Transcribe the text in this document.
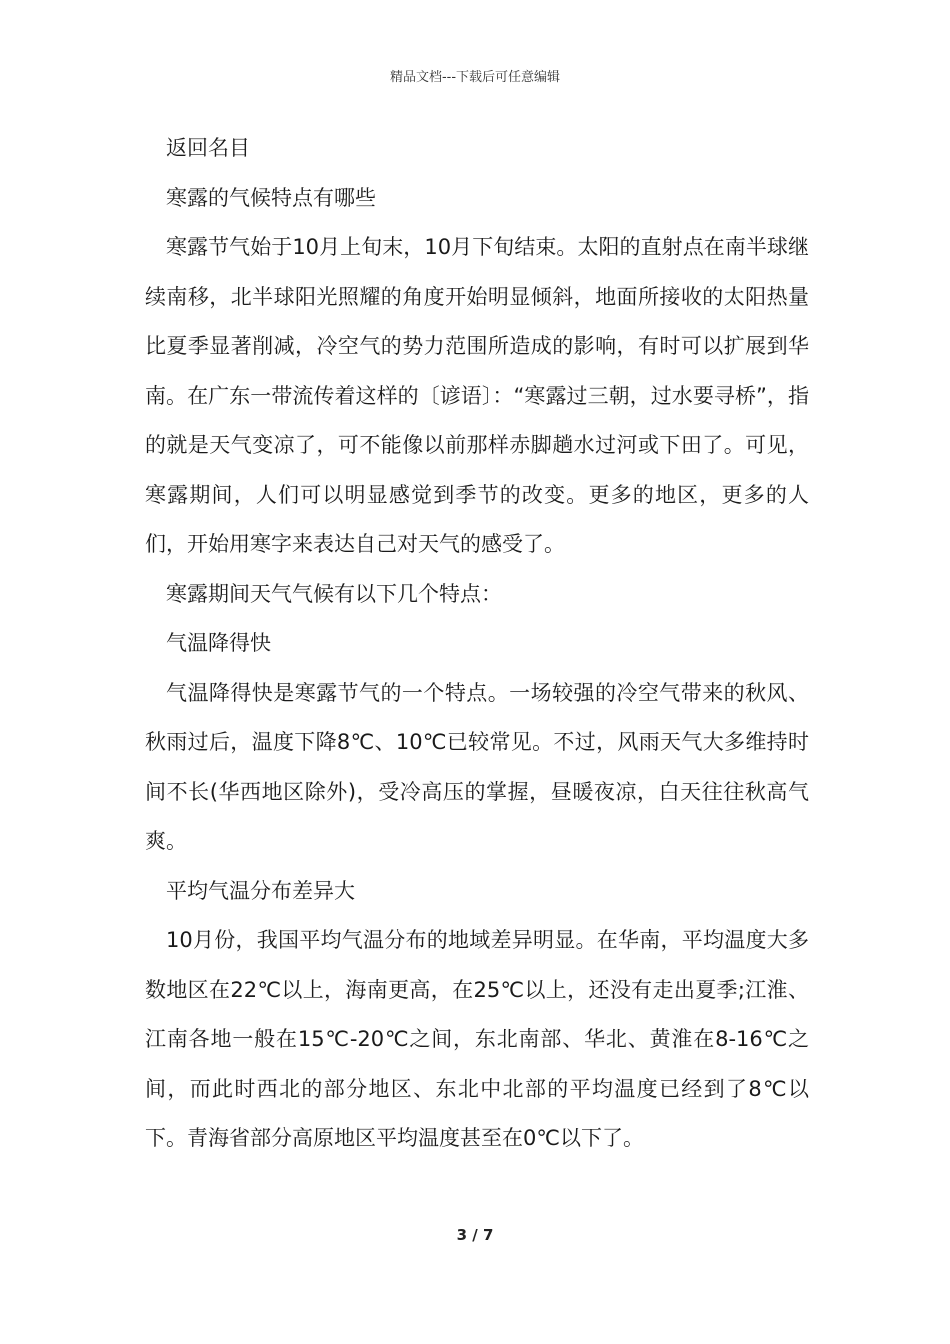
精品文档---下载后可任意编辑

返回名目

寒露的气候特点有哪些

寒露节气始于10月上旬末，10月下旬结束。太阳的直射点在南半球继续南移，北半球阳光照耀的角度开始明显倾斜，地面所接收的太阳热量比夏季显著削减，冷空气的势力范围所造成的影响，有时可以扩展到华南。在广东一带流传着这样的〔谚语〕：“寒露过三朝，过水要寻桥”，指的就是天气变凉了，可不能像以前那样赤脚趟水过河或下田了。可见，寒露期间，人们可以明显感觉到季节的改变。更多的地区，更多的人们，开始用寒字来表达自己对天气的感受了。

寒露期间天气气候有以下几个特点：

气温降得快

气温降得快是寒露节气的一个特点。一场较强的冷空气带来的秋风、秋雨过后，温度下降8℃、10℃已较常见。不过，风雨天气大多维持时间不长(华西地区除外)，受冷高压的掌握，昼暖夜凉，白天往往秋高气爽。

平均气温分布差异大

10月份，我国平均气温分布的地域差异明显。在华南，平均温度大多数地区在22℃以上，海南更高，在25℃以上，还没有走出夏季;江淮、江南各地一般在15℃-20℃之间，东北南部、华北、黄淮在8-16℃之间，而此时西北的部分地区、东北中北部的平均温度已经到了8℃以下。青海省部分高原地区平均温度甚至在0℃以下了。

3 / 7
